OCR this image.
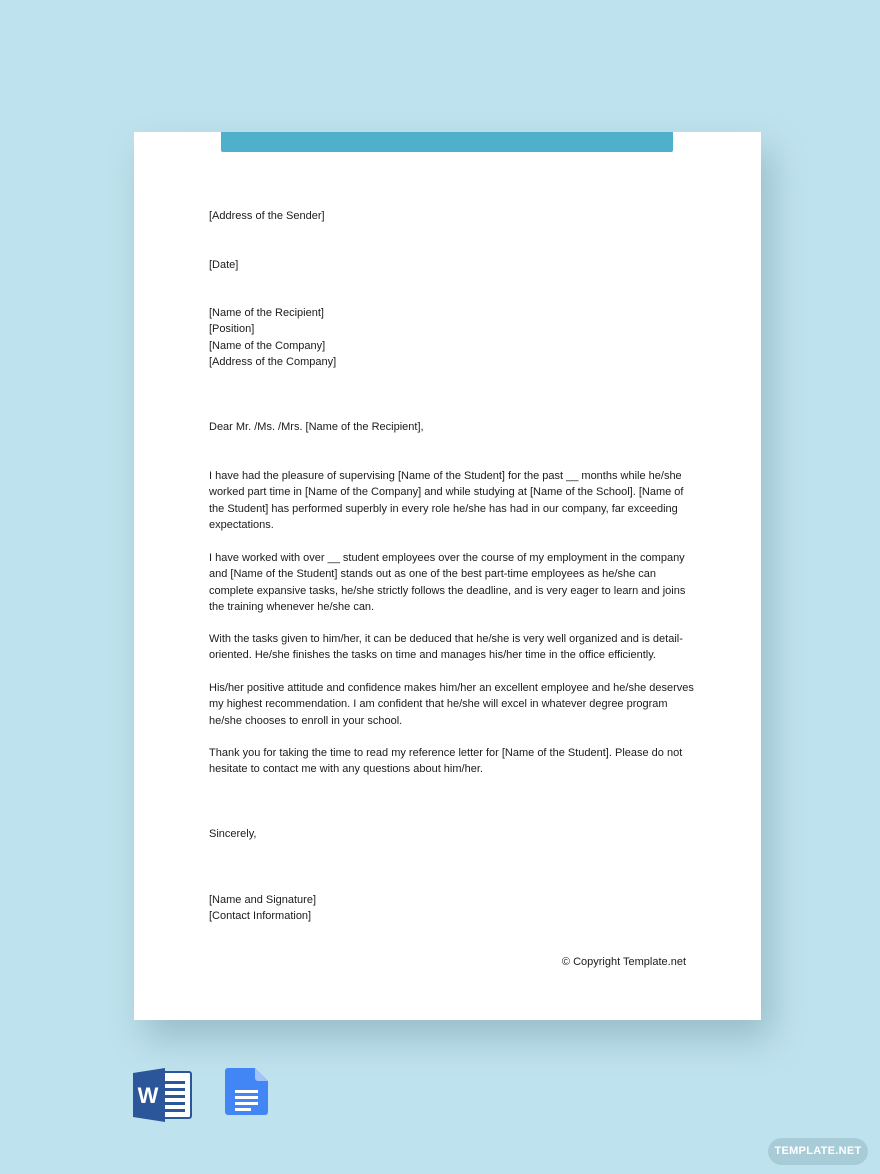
[Address of the Sender]
[Date]
[Name of the Recipient]
[Position]
[Name of the Company]
[Address of the Company]
Dear Mr. /Ms. /Mrs. [Name of the Recipient],
I have had the pleasure of supervising [Name of the Student] for the past __ months while he/she
worked part time in [Name of the Company] and while studying at [Name of the School]. [Name of
the Student] has performed superbly in every role he/she has had in our company, far exceeding
expectations.
I have worked with over __ student employees over the course of my employment in the company
and [Name of the Student] stands out as one of the best part-time employees as he/she can
complete expansive tasks, he/she strictly follows the deadline, and is very eager to learn and joins
the training whenever he/she can.
With the tasks given to him/her, it can be deduced that he/she is very well organized and is detail-
oriented. He/she finishes the tasks on time and manages his/her time in the office efficiently.
His/her positive attitude and confidence makes him/her an excellent employee and he/she deserves
my highest recommendation. I am confident that he/she will excel in whatever degree program
he/she chooses to enroll in your school.
Thank you for taking the time to read my reference letter for [Name of the Student]. Please do not
hesitate to contact me with any questions about him/her.
Sincerely,
[Name and Signature]
[Contact Information]
© Copyright Template.net
W
TEMPLATE.NET
